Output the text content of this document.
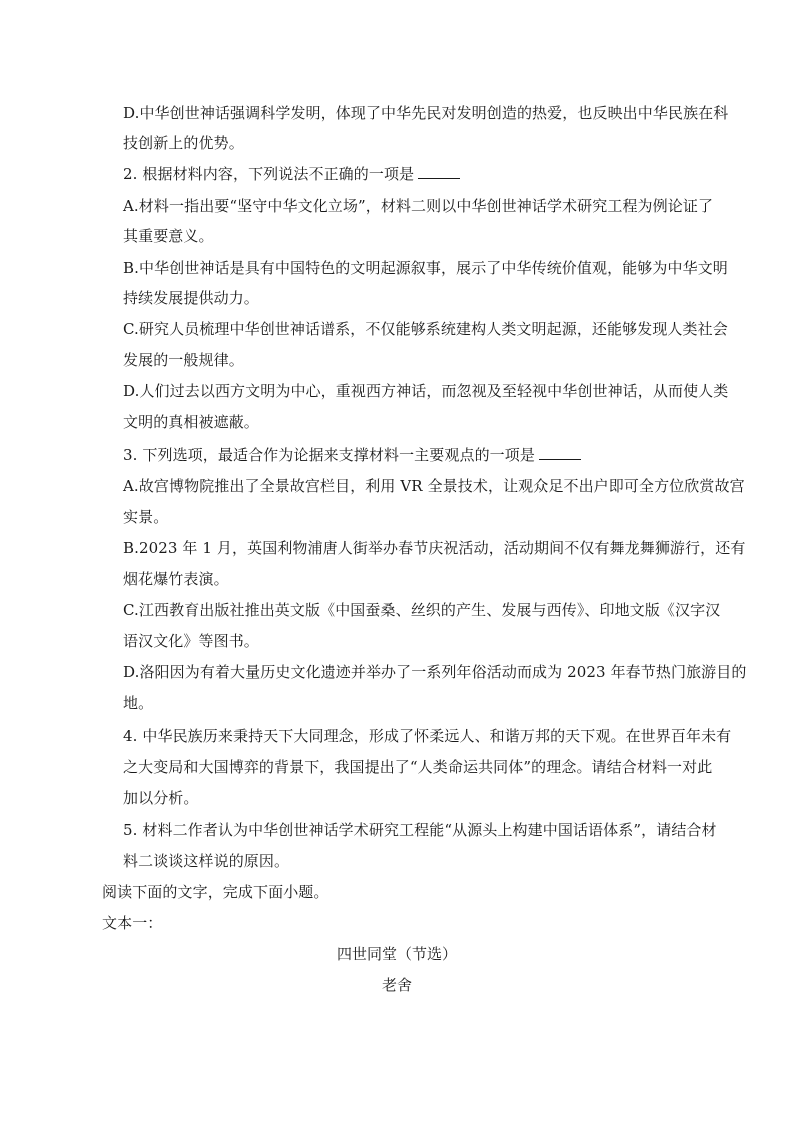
D.中华创世神话强调科学发明，体现了中华先民对发明创造的热爱，也反映出中华民族在科
技创新上的优势。
2. 根据材料内容，下列说法不正确的一项是
A.材料一指出要“坚守中华文化立场”，材料二则以中华创世神话学术研究工程为例论证了
其重要意义。
B.中华创世神话是具有中国特色的文明起源叙事，展示了中华传统价值观，能够为中华文明
持续发展提供动力。
C.研究人员梳理中华创世神话谱系，不仅能够系统建构人类文明起源，还能够发现人类社会
发展的一般规律。
D.人们过去以西方文明为中心，重视西方神话，而忽视及至轻视中华创世神话，从而使人类
文明的真相被遮蔽。
3. 下列选项，最适合作为论据来支撑材料一主要观点的一项是
A.故宫博物院推出了全景故宫栏目，利用 VR 全景技术，让观众足不出户即可全方位欣赏故宫
实景。
B.2023 年 1 月，英国利物浦唐人街举办春节庆祝活动，活动期间不仅有舞龙舞狮游行，还有
烟花爆竹表演。
C.江西教育出版社推出英文版《中国蚕桑、丝织的产生、发展与西传》、印地文版《汉字汉
语汉文化》等图书。
D.洛阳因为有着大量历史文化遗迹并举办了一系列年俗活动而成为 2023 年春节热门旅游目的
地。
4. 中华民族历来秉持天下大同理念，形成了怀柔远人、和谐万邦的天下观。在世界百年未有
之大变局和大国博弈的背景下，我国提出了“人类命运共同体”的理念。请结合材料一对此
加以分析。
5. 材料二作者认为中华创世神话学术研究工程能“从源头上构建中国话语体系”，请结合材
料二谈谈这样说的原因。
阅读下面的文字，完成下面小题。
文本一：
四世同堂（节选）
老舍
